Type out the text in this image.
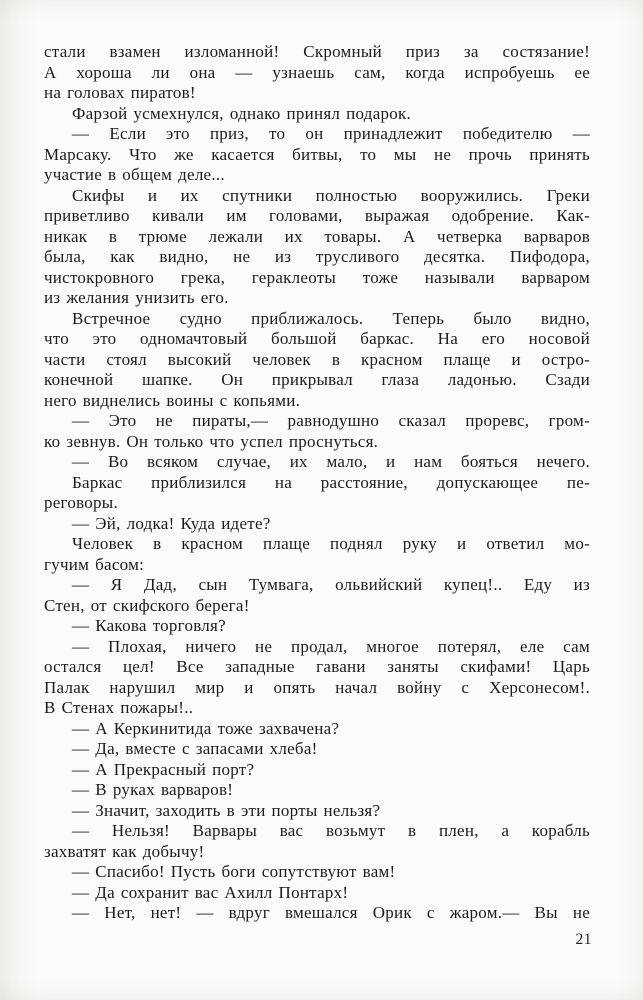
стали взамен изломанной! Скромный приз за состязание!
А хороша ли она — узнаешь сам, когда испробуешь ее
на головах пиратов!
Фарзой усмехнулся, однако принял подарок.
— Если это приз, то он принадлежит победителю —
Марсаку. Что же касается битвы, то мы не прочь принять
участие в общем деле...
Скифы и их спутники полностью вооружились. Греки
приветливо кивали им головами, выражая одобрение. Как-
никак в трюме лежали их товары. А четверка варваров
была, как видно, не из трусливого десятка. Пифодора,
чистокровного грека, гераклеоты тоже называли варваром
из желания унизить его.
Встречное судно приближалось. Теперь было видно,
что это одномачтовый большой баркас. На его носовой
части стоял высокий человек в красном плаще и остро-
конечной шапке. Он прикрывал глаза ладонью. Сзади
него виднелись воины с копьями.
— Это не пираты,— равнодушно сказал проревс, гром-
ко зевнув. Он только что успел проснуться.
— Во всяком случае, их мало, и нам бояться нечего.
Баркас приблизился на расстояние, допускающее пе-
реговоры.
— Эй, лодка! Куда идете?
Человек в красном плаще поднял руку и ответил мо-
гучим басом:
— Я Дад, сын Тумвага, ольвийский купец!.. Еду из
Стен, от скифского берега!
— Какова торговля?
— Плохая, ничего не продал, многое потерял, еле сам
остался цел! Все западные гавани заняты скифами! Царь
Палак нарушил мир и опять начал войну с Херсонесом!.
В Стенах пожары!..
— А Керкинитида тоже захвачена?
— Да, вместе с запасами хлеба!
— А Прекрасный порт?
— В руках варваров!
— Значит, заходить в эти порты нельзя?
— Нельзя! Варвары вас возьмут в плен, а корабль
захватят как добычу!
— Спасибо! Пусть боги сопутствуют вам!
— Да сохранит вас Ахилл Понтарх!
— Нет, нет! — вдруг вмешался Орик с жаром.— Вы не
21
